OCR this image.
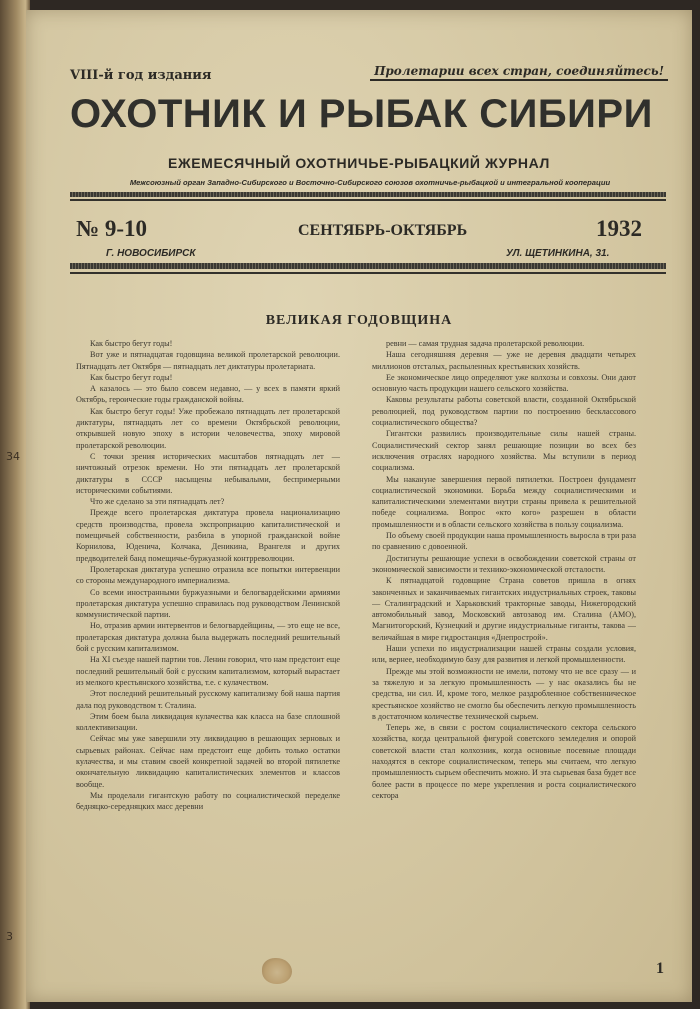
34
3
VIII-й год издания	Пролетарии всех стран, соединяйтесь!
ОХОТНИК И РЫБАК СИБИРИ
ЕЖЕМЕСЯЧНЫЙ ОХОТНИЧЬЕ-РЫБАЦКИЙ ЖУРНАЛ
Межсоюзный орган Западно-Сибирского и Восточно-Сибирского союзов охотничье-рыбацкой и интегральной кооперации
№ 9-10	СЕНТЯБРЬ-ОКТЯБРЬ	1932
Г. НОВОСИБИРСК	УЛ. ЩЕТИНКИНА, 31.
ВЕЛИКАЯ ГОДОВЩИНА

Как быстро бегут годы!

Вот уже и пятнадцатая годовщина великой пролетарской революции. Пятнадцать лет Октября — пятнадцать лет диктатуры пролетариата.

Как быстро бегут годы!

А казалось — это было совсем недавно, — у всех в памяти яркий Октябрь, героические годы гражданской войны.

Как быстро бегут годы! Уже пробежало пятнадцать лет пролетарской диктатуры, пятнадцать лет со времени Октябрьской революции, открывшей новую эпоху в истории человечества, эпоху мировой пролетарской революции.

С точки зрения исторических масштабов пятнадцать лет — ничтожный отрезок времени. Но эти пятнадцать лет пролетарской диктатуры в СССР насыщены небывалыми, беспримерными историческими событиями.

Что же сделано за эти пятнадцать лет?

Прежде всего пролетарская диктатура провела национализацию средств производства, провела экспроприацию капиталистической и помещичьей собственности, разбила в упорной гражданской войне Корнилова, Юденича, Колчака, Деникина, Врангеля и других предводителей банд помещичье-буржуазной контрреволюции.

Пролетарская диктатура успешно отразила все попытки интервенции со стороны международного империализма.

Со всеми иностранными буржуазными и белогвардейскими армиями пролетарская диктатура успешно справилась под руководством Ленинской коммунистической партии.

Но, отразив армии интервентов и белогвардейщины, — это еще не все, пролетарская диктатура должна была выдержать последний решительный бой с русским капитализмом.

На XI съезде нашей партии тов. Ленин говорил, что нам предстоит еще последний решительный бой с русским капитализмом, который вырастает из мелкого крестьянского хозяйства, т.е. с кулачеством.

Этот последний решительный русскому капитализму бой наша партия дала под руководством т. Сталина.

Этим боем была ликвидация кулачества как класса на базе сплошной коллективизации.

Сейчас мы уже завершили эту ликвидацию в решающих зерновых и сырьевых районах. Сейчас нам предстоит еще добить только остатки кулачества, и мы ставим своей конкретной задачей во второй пятилетке окончательную ликвидацию капиталистических элементов и классов вообще.

Мы проделали гигантскую работу по социалистической переделке бедняцко-середняцких масс деревни

ревни — самая трудная задача пролетарской революции.

Наша сегодняшняя деревня — уже не деревня двадцати четырех миллионов отсталых, распыленных крестьянских хозяйств.

Ее экономическое лицо определяют уже колхозы и совхозы. Они дают основную часть продукции нашего сельского хозяйства.

Каковы результаты работы советской власти, созданной Октябрьской революцией, под руководством партии по построению бесклассового социалистического общества?

Гигантски развились производительные силы нашей страны. Социалистический сектор занял решающие позиции во всех без исключения отраслях народного хозяйства. Мы вступили в период социализма.

Мы накануне завершения первой пятилетки. Построен фундамент социалистической экономики. Борьба между социалистическими и капиталистическими элементами внутри страны привела к решительной победе социализма. Вопрос «кто кого» разрешен в области промышленности и в области сельского хозяйства в пользу социализма.

По объему своей продукции наша промышленность выросла в три раза по сравнению с довоенной.

Достигнуты решающие успехи в освобождении советской страны от экономической зависимости и технико-экономической отсталости.

К пятнадцатой годовщине Страна советов пришла в огнях законченных и заканчиваемых гигантских индустриальных строек, таковы — Сталинградский и Харьковский тракторные заводы, Нижегородский автомобильный завод, Московский автозавод им. Сталина (АМО), Магнитогорский, Кузнецкий и другие индустриальные гиганты, такова — величайшая в мире гидростанция «Днепрострой».

Наши успехи по индустриализации нашей страны создали условия, или, вернее, необходимую базу для развития и легкой промышленности.

Прежде мы этой возможности не имели, потому что не все сразу — и за тяжелую и за легкую промышленность — у нас оказались бы не средства, ни сил. И, кроме того, мелкое раздробленное собственническое крестьянское хозяйство не смогло бы обеспечить легкую промышленность в достаточном количестве технической сырьем.

Теперь же, в связи с ростом социалистического сектора сельского хозяйства, когда центральной фигурой советского земледелия и опорой советской власти стал колхозник, когда основные посевные площади находятся в секторе социалистическом, теперь мы считаем, что легкую промышленность сырьем обеспечить можно. И эта сырьевая база будет все более расти в процессе по мере укрепления и роста социалистического сектора

1
